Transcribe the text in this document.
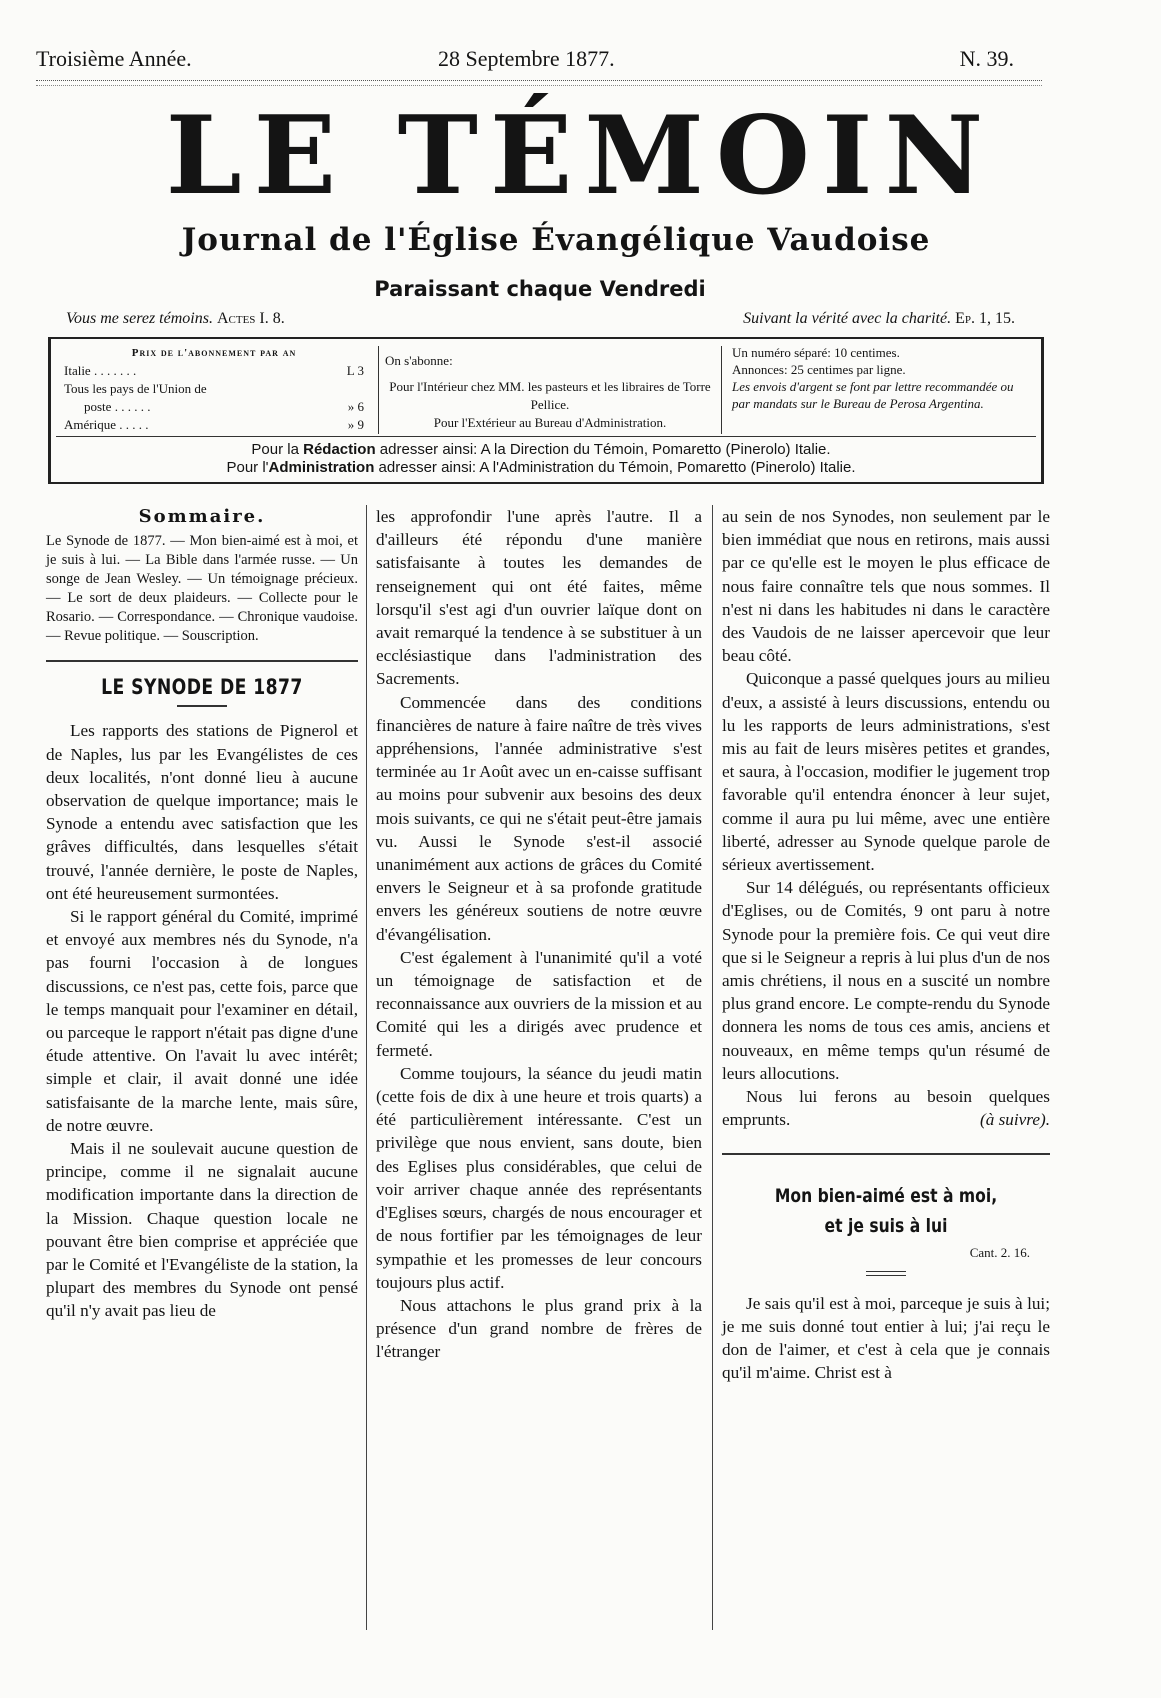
Troisième Année.	28 Septembre 1877.	N. 39.
LE TÉMOIN
Journal de l'Église Évangélique Vaudoise
Paraissant chaque Vendredi
Vous me serez témoins. Actes I. 8.	Suivant la vérité avec la charité. Ep. 1, 15.
Prix de l'abonnement par an
Italie . . . . . . .	L 3
Tous les pays de l'Union de
poste . . . . . .	» 6
Amérique . . . . .	» 9
On s'abonne:
Pour l'Intérieur chez MM. les pasteurs et les libraires de Torre Pellice.
Pour l'Extérieur au Bureau d'Administration.
Un numéro séparé: 10 centimes.
Annonces: 25 centimes par ligne.
Les envois d'argent se font par lettre recommandée ou par mandats sur le Bureau de Perosa Argentina.
Pour la Rédaction adresser ainsi: A la Direction du Témoin, Pomaretto (Pinerolo) Italie.
Pour l'Administration adresser ainsi: A l'Administration du Témoin, Pomaretto (Pinerolo) Italie.
Sommaire.
Le Synode de 1877. — Mon bien-aimé est à moi, et je suis à lui. — La Bible dans l'armée russe. — Un songe de Jean Wesley. — Un témoignage précieux. — Le sort de deux plaideurs. — Collecte pour le Rosario. — Correspondance. — Chronique vaudoise. — Revue politique. — Souscription.
LE SYNODE DE 1877

Les rapports des stations de Pignerol et de Naples, lus par les Evangélistes de ces deux localités, n'ont donné lieu à aucune observation de quelque importance; mais le Synode a entendu avec satisfaction que les grâves difficultés, dans lesquelles s'était trouvé, l'année dernière, le poste de Naples, ont été heureusement surmontées.

Si le rapport général du Comité, imprimé et envoyé aux membres nés du Synode, n'a pas fourni l'occasion à de longues discussions, ce n'est pas, cette fois, parce que le temps manquait pour l'examiner en détail, ou parceque le rapport n'était pas digne d'une étude attentive. On l'avait lu avec intérêt; simple et clair, il avait donné une idée satisfaisante de la marche lente, mais sûre, de notre œuvre.

Mais il ne soulevait aucune question de principe, comme il ne signalait aucune modification importante dans la direction de la Mission. Chaque question locale ne pouvant être bien comprise et appréciée que par le Comité et l'Evangéliste de la station, la plupart des membres du Synode ont pensé qu'il n'y avait pas lieu de

les approfondir l'une après l'autre. Il a d'ailleurs été répondu d'une manière satisfaisante à toutes les demandes de renseignement qui ont été faites, même lorsqu'il s'est agi d'un ouvrier laïque dont on avait remarqué la tendence à se substituer à un ecclésiastique dans l'administration des Sacrements.

Commencée dans des conditions financières de nature à faire naître de très vives appréhensions, l'année administrative s'est terminée au 1r Août avec un en-caisse suffisant au moins pour subvenir aux besoins des deux mois suivants, ce qui ne s'était peut-être jamais vu. Aussi le Synode s'est-il associé unanimément aux actions de grâces du Comité envers le Seigneur et à sa profonde gratitude envers les généreux soutiens de notre œuvre d'évangélisation.

C'est également à l'unanimité qu'il a voté un témoignage de satisfaction et de reconnaissance aux ouvriers de la mission et au Comité qui les a dirigés avec prudence et fermeté.

Comme toujours, la séance du jeudi matin (cette fois de dix à une heure et trois quarts) a été particulièrement intéressante. C'est un privilège que nous envient, sans doute, bien des Eglises plus considérables, que celui de voir arriver chaque année des représentants d'Eglises sœurs, chargés de nous encourager et de nous fortifier par les témoignages de leur sympathie et les promesses de leur concours toujours plus actif.

Nous attachons le plus grand prix à la présence d'un grand nombre de frères de l'étranger

au sein de nos Synodes, non seulement par le bien immédiat que nous en retirons, mais aussi par ce qu'elle est le moyen le plus efficace de nous faire connaître tels que nous sommes. Il n'est ni dans les habitudes ni dans le caractère des Vaudois de ne laisser apercevoir que leur beau côté.

Quiconque a passé quelques jours au milieu d'eux, a assisté à leurs discussions, entendu ou lu les rapports de leurs administrations, s'est mis au fait de leurs misères petites et grandes, et saura, à l'occasion, modifier le jugement trop favorable qu'il entendra énoncer à leur sujet, comme il aura pu lui même, avec une entière liberté, adresser au Synode quelque parole de sérieux avertissement.

Sur 14 délégués, ou représentants officieux d'Eglises, ou de Comités, 9 ont paru à notre Synode pour la première fois. Ce qui veut dire que si le Seigneur a repris à lui plus d'un de nos amis chrétiens, il nous en a suscité un nombre plus grand encore. Le compte-rendu du Synode donnera les noms de tous ces amis, anciens et nouveaux, en même temps qu'un résumé de leurs allocutions.

Nous lui ferons au besoin quelques emprunts.	(à suivre).

Mon bien-aimé est à moi,
et je suis à lui
Cant. 2. 16.

Je sais qu'il est à moi, parceque je suis à lui; je me suis donné tout entier à lui; j'ai reçu le don de l'aimer, et c'est à cela que je connais qu'il m'aime. Christ est à
